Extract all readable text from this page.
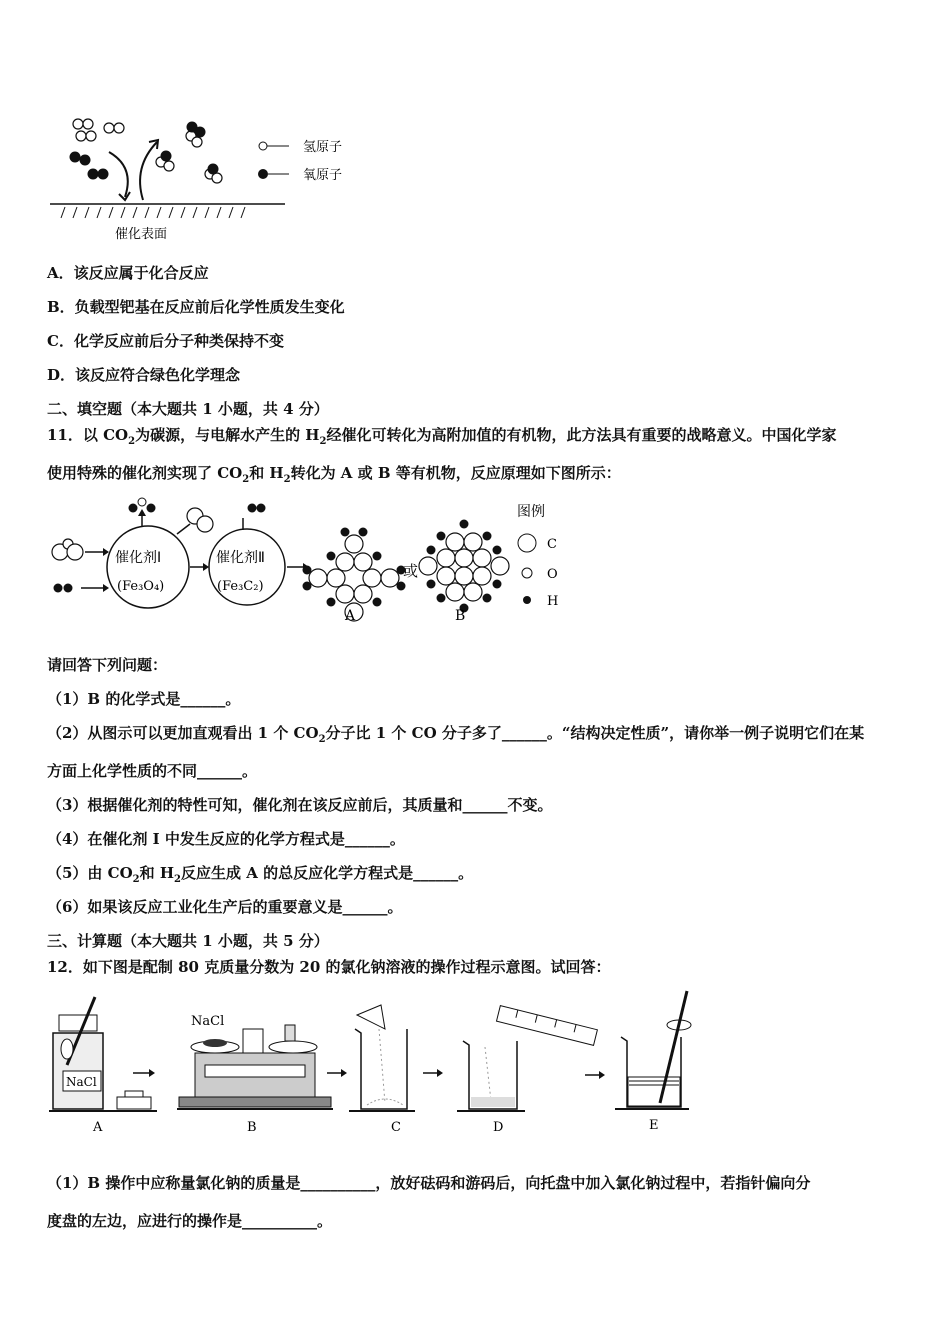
催化表面
氢原子
氧原子
A．该反应属于化合反应
B．负载型钯基在反应前后化学性质发生变化
C．化学反应前后分子种类保持不变
D．该反应符合绿色化学理念
二、填空题（本大题共 1 小题，共 4 分）
11．以 $CO_2$为碳源，与电解水产生的 $H_2$经催化可转化为高附加值的有机物，此方法具有重要的战略意义。中国化学家
使用特殊的催化剂实现了 $CO_2$和 $H_2$转化为 A 或 B 等有机物，反应原理如下图所示：
催化剂Ⅰ
(Fe₃O₄)
催化剂Ⅱ
(Fe₃C₂)
A
或
B
图例
C
O
H
请回答下列问题：
（1）B 的化学式是______。
（2）从图示可以更加直观看出 1 个 $CO_2$分子比 1 个 CO 分子多了______。“结构决定性质”，请你举一例子说明它们在某
方面上化学性质的不同______。
（3）根据催化剂的特性可知，催化剂在该反应前后，其质量和______不变。
（4）在催化剂 I 中发生反应的化学方程式是______。
（5）由 $CO_2$和 $H_2$反应生成 A 的总反应化学方程式是______。
（6）如果该反应工业化生产后的重要意义是______。
三、计算题（本大题共 1 小题，共 5 分）
12．如下图是配制 80 克质量分数为 20 的氯化钠溶液的操作过程示意图。试回答：
NaCl
A
NaCl
B	C	D	E
（1）B 操作中应称量氯化钠的质量是__________，放好砝码和游码后，向托盘中加入氯化钠过程中，若指针偏向分
度盘的左边，应进行的操作是__________。
